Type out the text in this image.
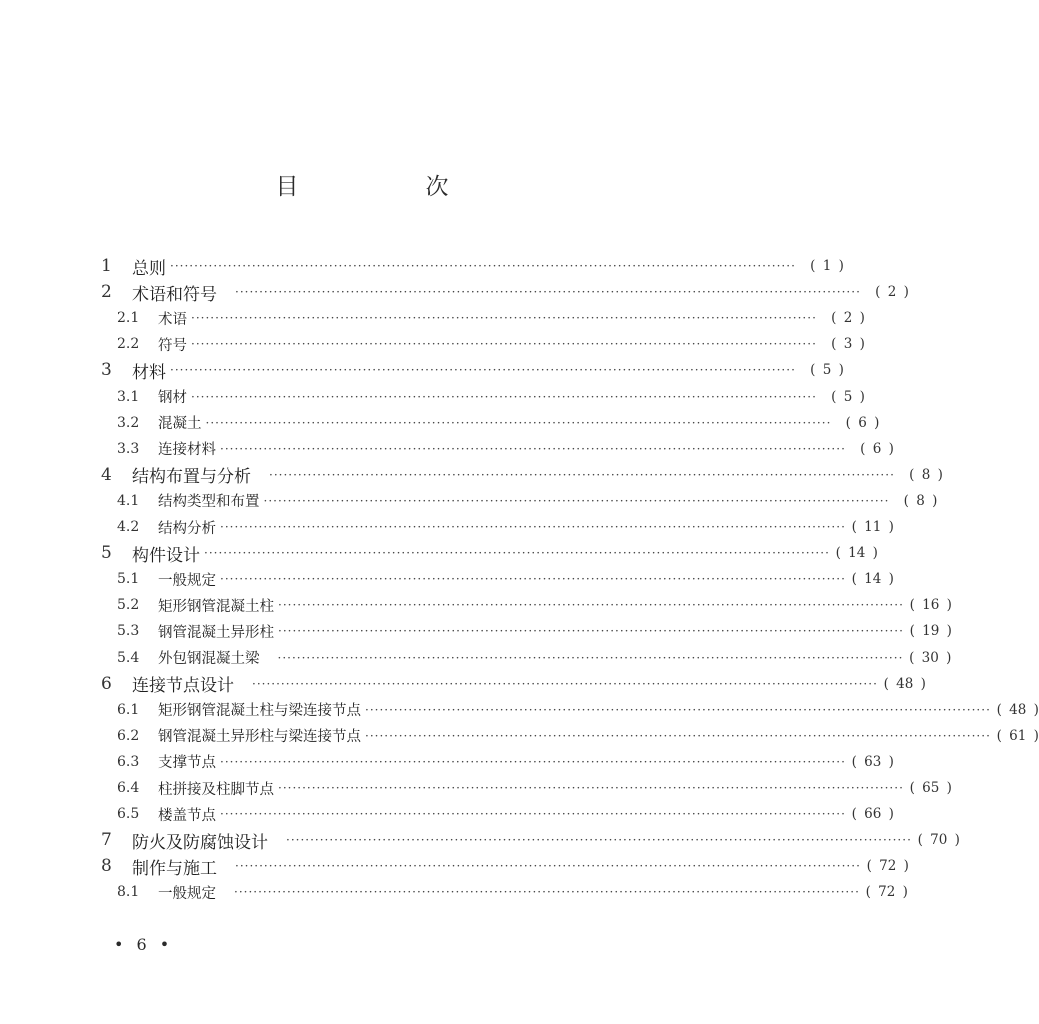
目　次
1	总则 ··································································································································	( 1 )
2	术语和符号 ··································································································································	( 2 )
2.1	术语 ··································································································································	( 2 )
2.2	符号 ··································································································································	( 3 )
3	材料 ··································································································································	( 5 )
3.1	钢材 ··································································································································	( 5 )
3.2	混凝土 ··································································································································	( 6 )
3.3	连接材料 ··································································································································	( 6 )
4	结构布置与分析 ··································································································································	( 8 )
4.1	结构类型和布置 ··································································································································	( 8 )
4.2	结构分析 ·································································································································· ( 11 )
5	构件设计 ·································································································································· ( 14 )
5.1	一般规定 ·································································································································· ( 14 )
5.2	矩形钢管混凝土柱 ·································································································································· ( 16 )
5.3	钢管混凝土异形柱 ·································································································································· ( 19 )
5.4	外包钢混凝土梁 ·································································································································· ( 30 )
6	连接节点设计 ·································································································································· ( 48 )
6.1	矩形钢管混凝土柱与梁连接节点 ·································································································································· ( 48 )
6.2	钢管混凝土异形柱与梁连接节点 ·································································································································· ( 61 )
6.3	支撑节点 ·································································································································· ( 63 )
6.4	柱拼接及柱脚节点 ·································································································································· ( 65 )
6.5	楼盖节点 ·································································································································· ( 66 )
7	防火及防腐蚀设计 ·································································································································· ( 70 )
8	制作与施工 ·································································································································· ( 72 )
8.1	一般规定 ·································································································································· ( 72 )
• 6 •
